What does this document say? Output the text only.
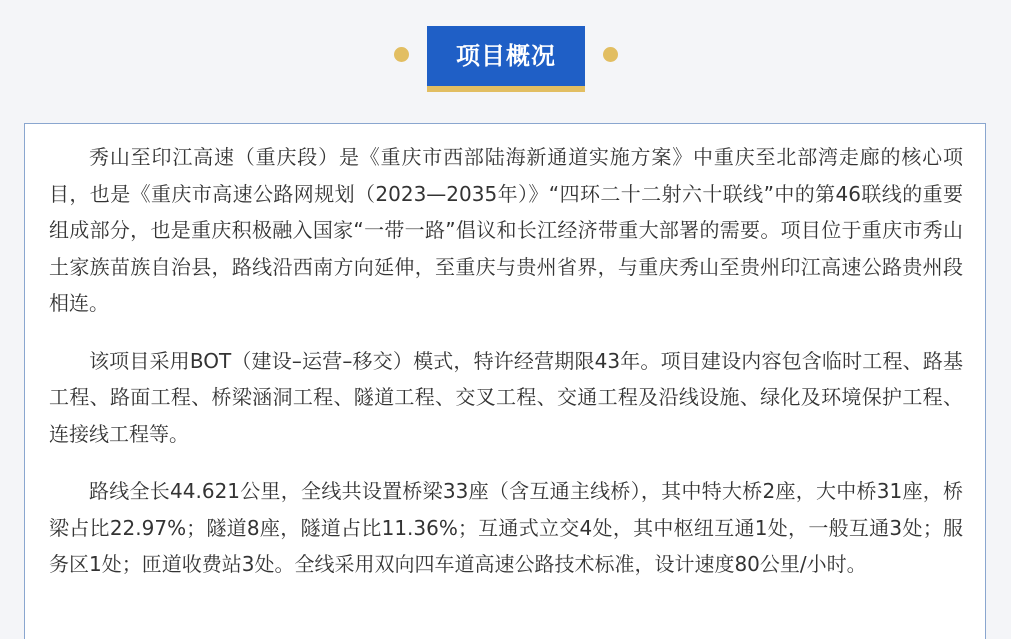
项目概况

秀山至印江高速（重庆段）是《重庆市西部陆海新通道实施方案》中重庆至北部湾走廊的核心项目，也是《重庆市高速公路网规划（2023—2035年）》“四环二十二射六十联线”中的第46联线的重要组成部分，也是重庆积极融入国家“一带一路”倡议和长江经济带重大部署的需要。项目位于重庆市秀山土家族苗族自治县，路线沿西南方向延伸，至重庆与贵州省界，与重庆秀山至贵州印江高速公路贵州段相连。

该项目采用BOT（建设–运营–移交）模式，特许经营期限43年。项目建设内容包含临时工程、路基工程、路面工程、桥梁涵洞工程、隧道工程、交叉工程、交通工程及沿线设施、绿化及环境保护工程、连接线工程等。

路线全长44.621公里，全线共设置桥梁33座（含互通主线桥），其中特大桥2座，大中桥31座，桥梁占比22.97%；隧道8座，隧道占比11.36%；互通式立交4处，其中枢纽互通1处，一般互通3处；服务区1处；匝道收费站3处。全线采用双向四车道高速公路技术标准，设计速度80公里/小时。
